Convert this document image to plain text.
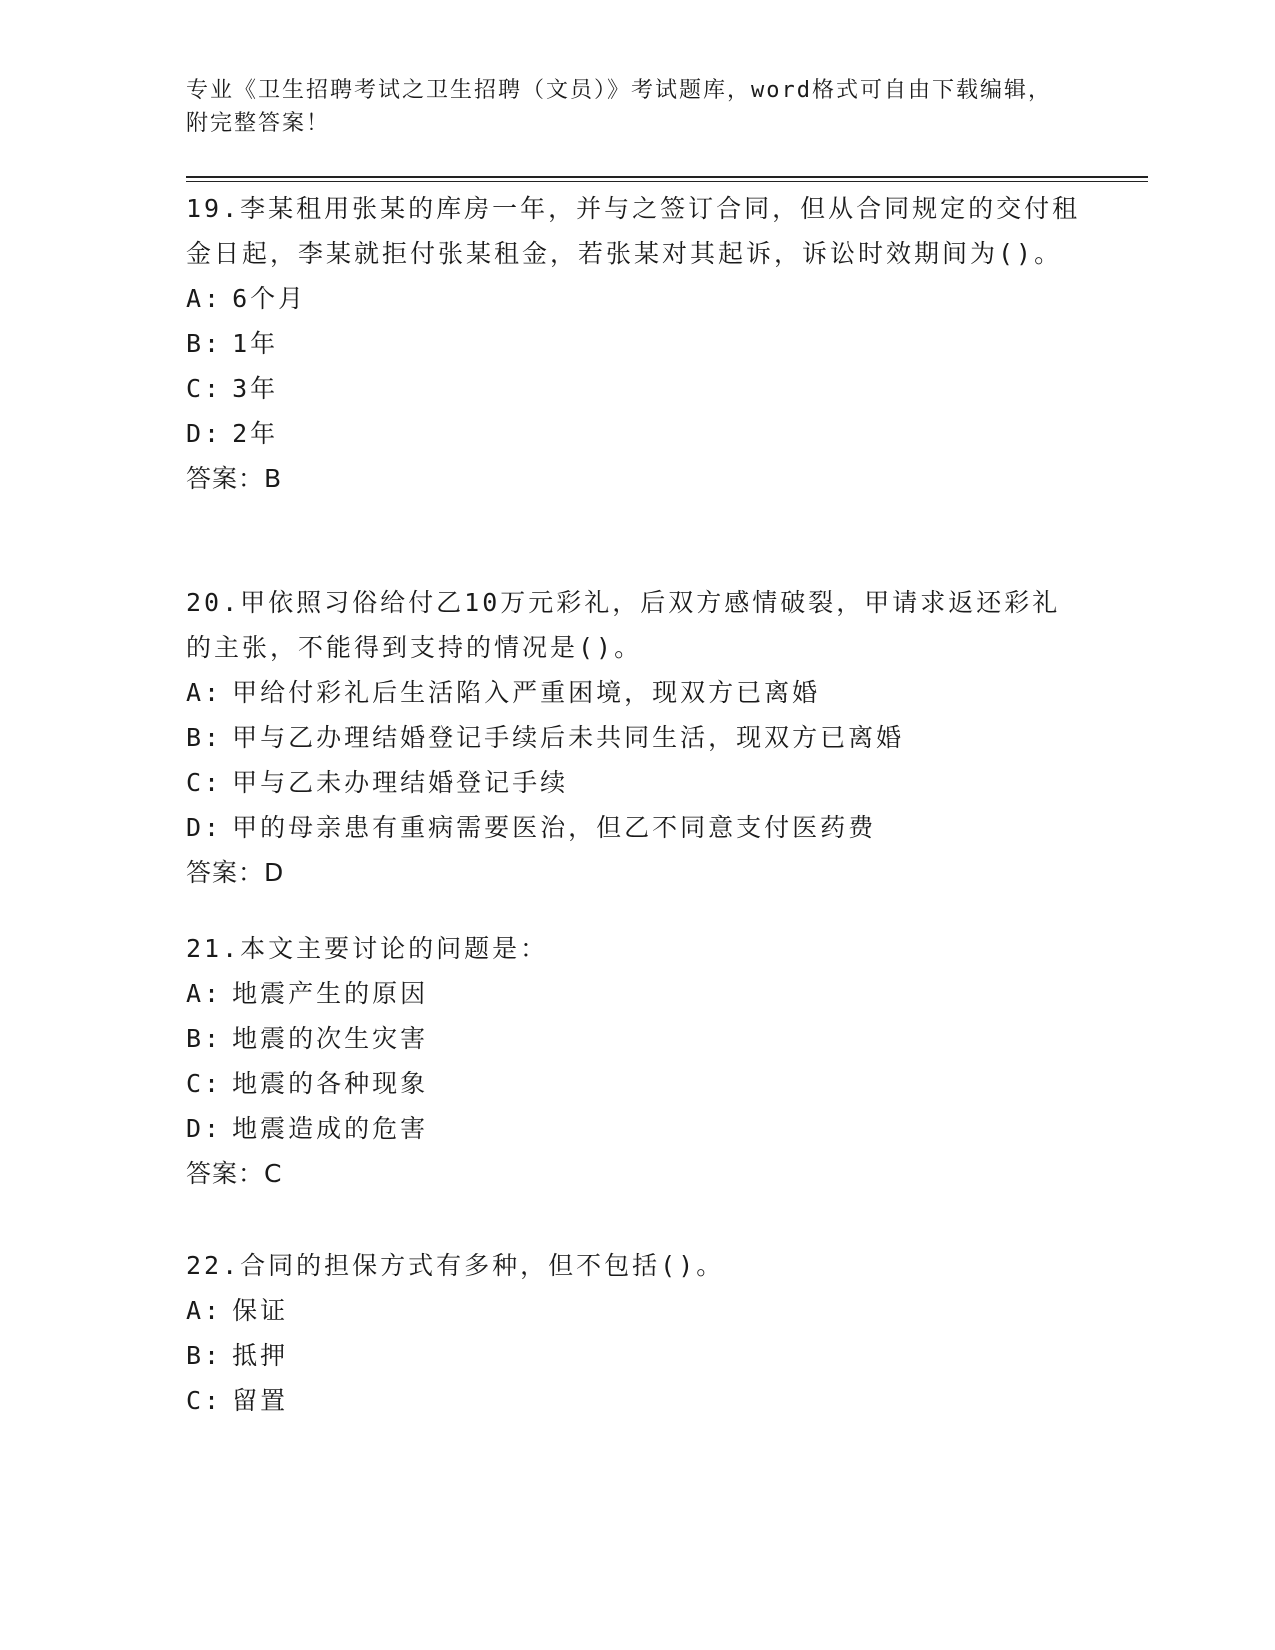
专业《卫生招聘考试之卫生招聘（文员）》考试题库，word格式可自由下载编辑，附完整答案！
19.李某租用张某的库房一年，并与之签订合同，但从合同规定的交付租金日起，李某就拒付张某租金，若张某对其起诉，诉讼时效期间为()。
A: 6个月
B: 1年
C: 3年
D: 2年
答案：B
20.甲依照习俗给付乙10万元彩礼，后双方感情破裂，甲请求返还彩礼的主张，不能得到支持的情况是()。
A: 甲给付彩礼后生活陷入严重困境，现双方已离婚
B: 甲与乙办理结婚登记手续后未共同生活，现双方已离婚
C: 甲与乙未办理结婚登记手续
D: 甲的母亲患有重病需要医治，但乙不同意支付医药费
答案：D
21.本文主要讨论的问题是：
A: 地震产生的原因
B: 地震的次生灾害
C: 地震的各种现象
D: 地震造成的危害
答案：C
22.合同的担保方式有多种，但不包括()。
A: 保证
B: 抵押
C: 留置
